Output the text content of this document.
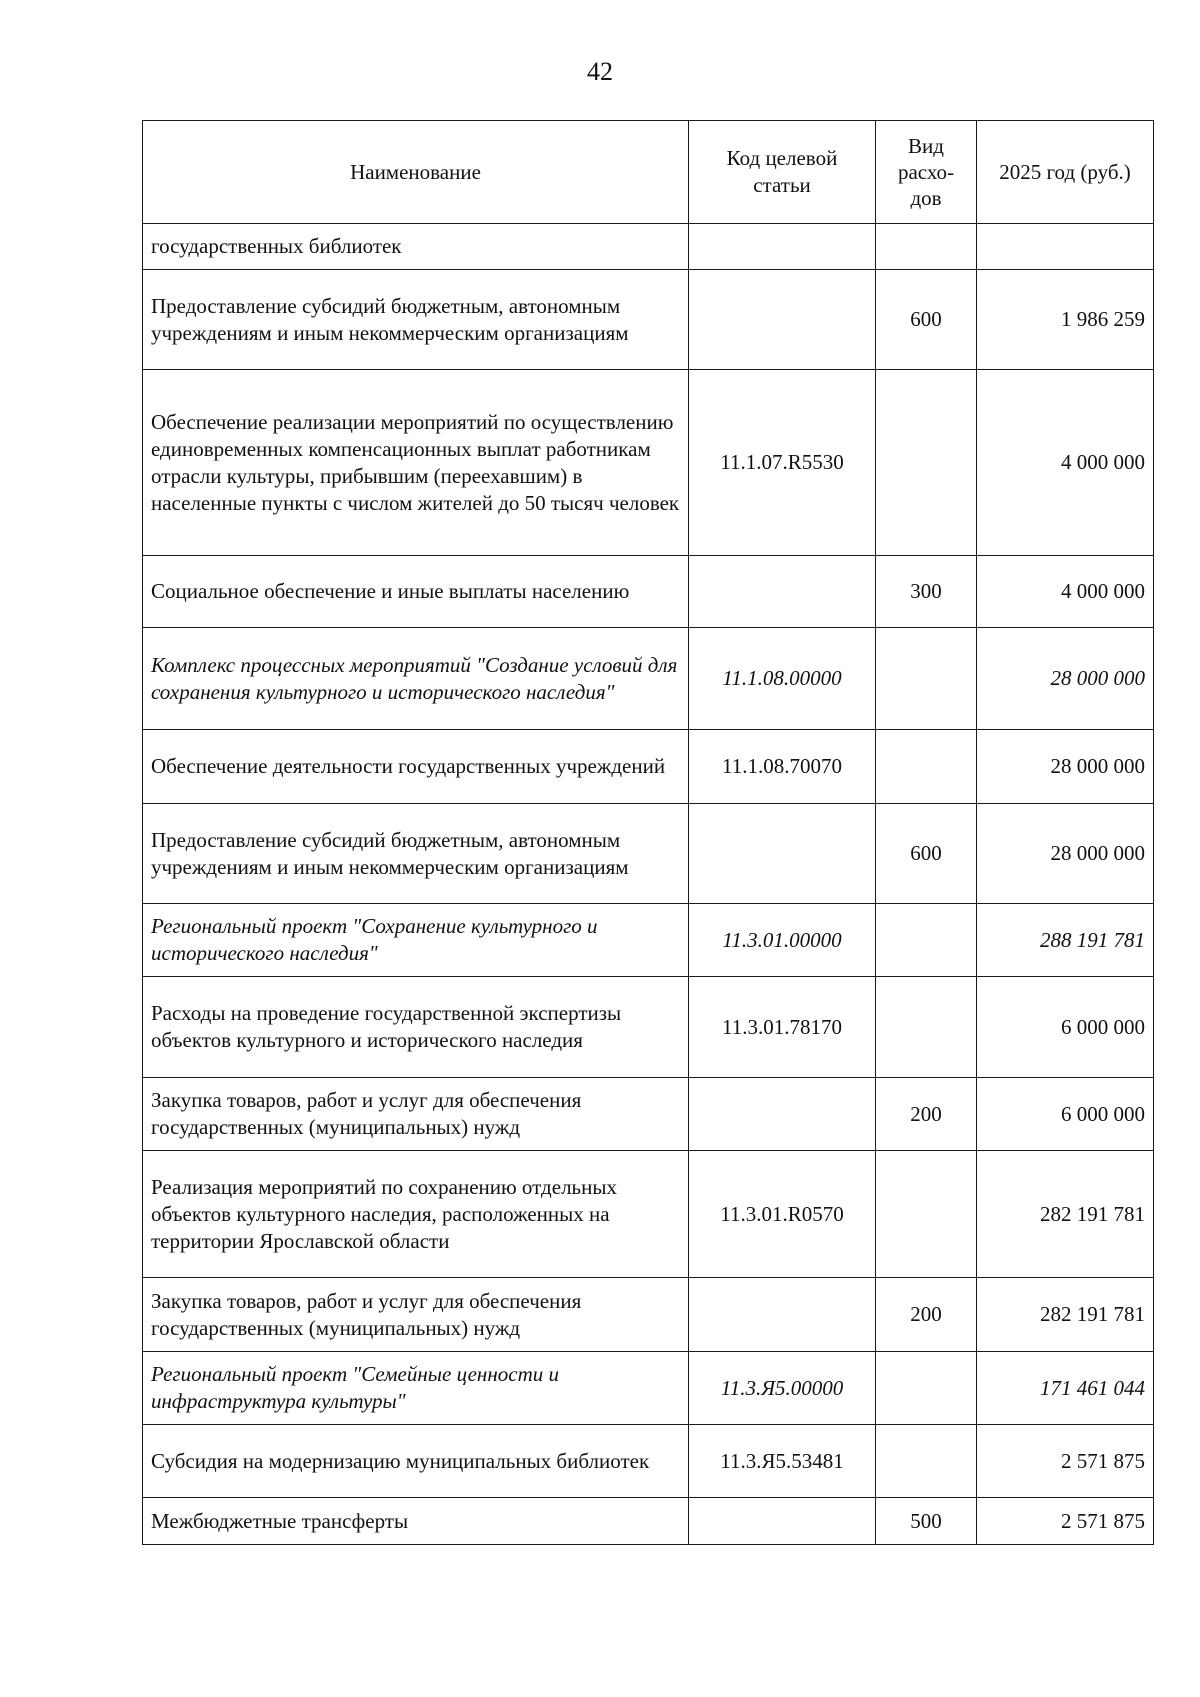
42
Наименование	Код целевой статьи	Вид расхо-дов	2025 год (руб.)
государственных библиотек			
Предоставление субсидий бюджетным, автономным учреждениям и иным некоммерческим организациям		600	1 986 259
Обеспечение реализации мероприятий по осуществлению единовременных компенсационных выплат работникам отрасли культуры, прибывшим (переехавшим) в населенные пункты с числом жителей до 50 тысяч человек	11.1.07.R5530		4 000 000
Социальное обеспечение и иные выплаты населению		300	4 000 000
Комплекс процессных мероприятий "Создание условий для сохранения культурного и исторического наследия"	11.1.08.00000		28 000 000
Обеспечение деятельности государственных учреждений	11.1.08.70070		28 000 000
Предоставление субсидий бюджетным, автономным учреждениям и иным некоммерческим организациям		600	28 000 000
Региональный проект "Сохранение культурного и исторического наследия"	11.3.01.00000		288 191 781
Расходы на проведение государственной экспертизы объектов культурного и исторического наследия	11.3.01.78170		6 000 000
Закупка товаров, работ и услуг для обеспечения государственных (муниципальных) нужд		200	6 000 000
Реализация мероприятий по сохранению отдельных объектов культурного наследия, расположенных на территории Ярославской области	11.3.01.R0570		282 191 781
Закупка товаров, работ и услуг для обеспечения государственных (муниципальных) нужд		200	282 191 781
Региональный проект "Семейные ценности и инфраструктура культуры"	11.3.Я5.00000		171 461 044
Субсидия на модернизацию муниципальных библиотек	11.3.Я5.53481		2 571 875
Межбюджетные трансферты		500	2 571 875
